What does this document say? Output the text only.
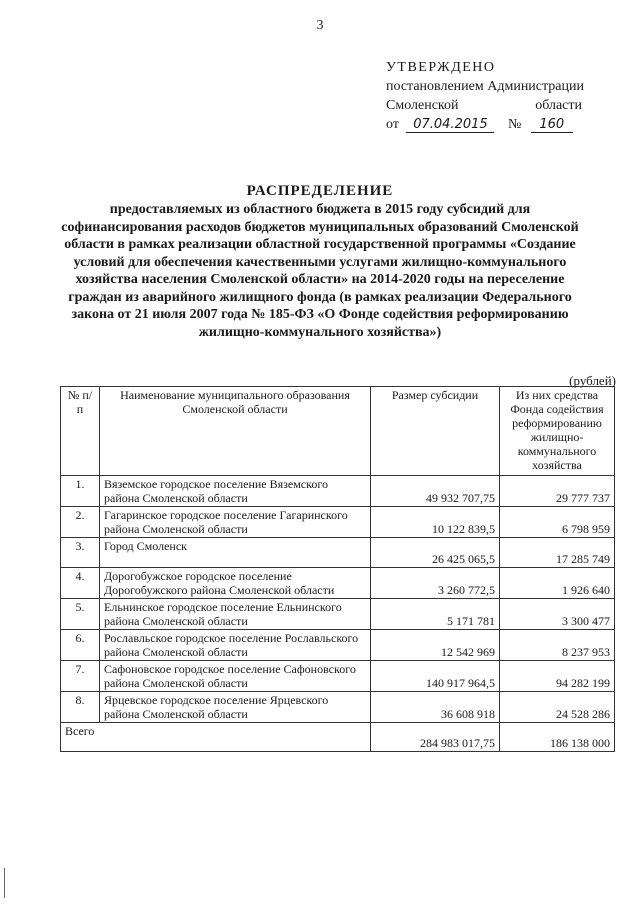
3
УТВЕРЖДЕНО
постановлением Администрации
Смоленской	области
от 07.04.2015 № 160
РАСПРЕДЕЛЕНИЕ
предоставляемых из областного бюджета в 2015 году субсидий для софинансирования расходов бюджетов муниципальных образований Смоленской области в рамках реализации областной государственной программы «Создание условий для обеспечения качественными услугами жилищно-коммунального хозяйства населения Смоленской области» на 2014-2020 годы на переселение граждан из аварийного жилищного фонда (в рамках реализации Федерального закона от 21 июля 2007 года № 185-ФЗ «О Фонде содействия реформированию жилищно-коммунального хозяйства»)
(рублей)
№ п/п	Наименование муниципального образования Смоленской области	Размер субсидии	Из них средства Фонда содействия реформированию жилищно-коммунального хозяйства
1.	Вяземское городское поселение Вяземского района Смоленской области	49 932 707,75	29 777 737
2.	Гагаринское городское поселение Гагаринского района Смоленской области	10 122 839,5	6 798 959
3.	Город Смоленск	26 425 065,5	17 285 749
4.	Дорогобужское городское поселение Дорогобужского района Смоленской области	3 260 772,5	1 926 640
5.	Ельнинское городское поселение Ельнинского района Смоленской области	5 171 781	3 300 477
6.	Рославльское городское поселение Рославльского района Смоленской области	12 542 969	8 237 953
7.	Сафоновское городское поселение Сафоновского района Смоленской области	140 917 964,5	94 282 199
8.	Ярцевское городское поселение Ярцевского района Смоленской области	36 608 918	24 528 286
Всего		284 983 017,75	186 138 000
